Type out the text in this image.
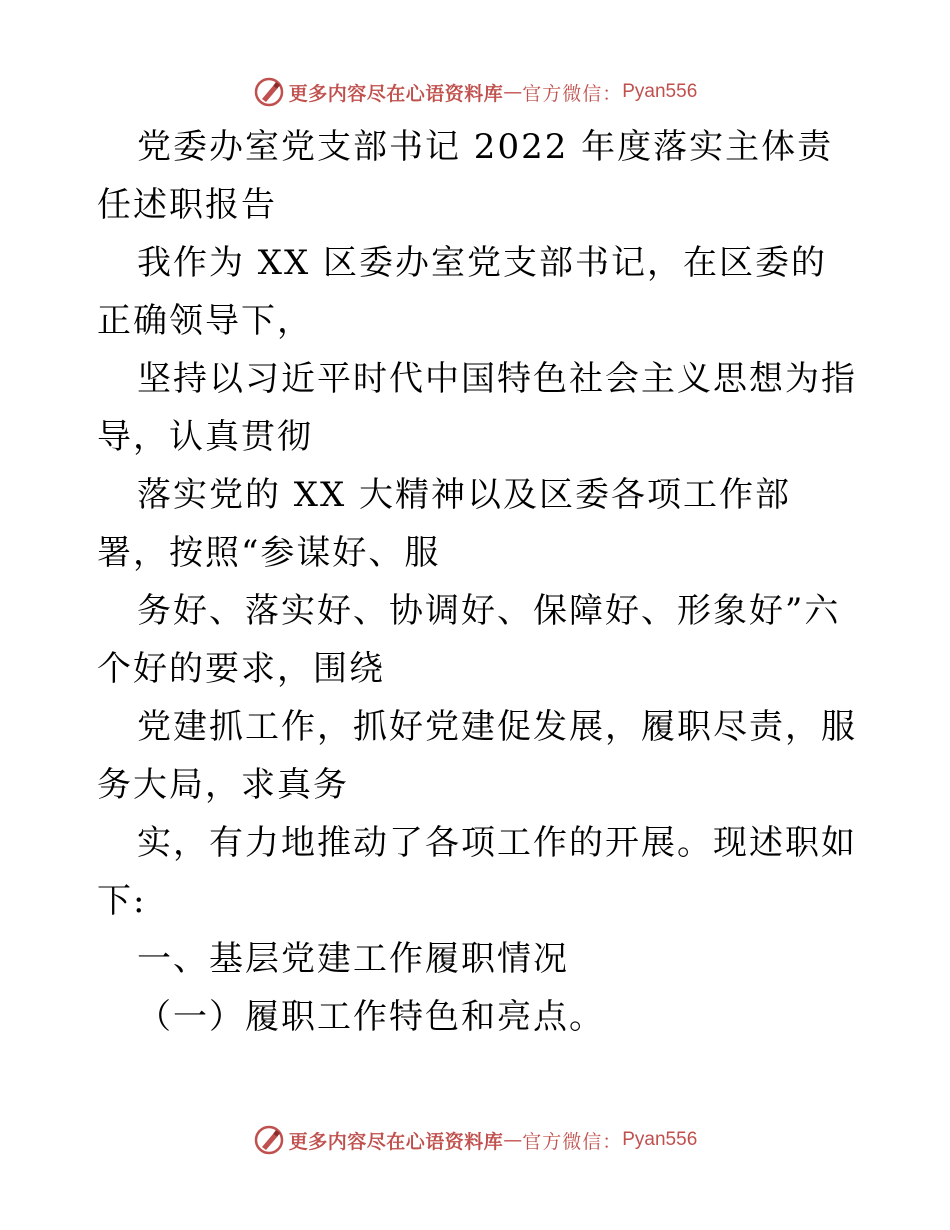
更多内容尽在心语资料库 — 官方微信： Pyan556

党委办室党支部书记 2022 年度落实主体责任述职报告

我作为 XX 区委办室党支部书记，在区委的正确领导下，

坚持以习近平时代中国特色社会主义思想为指导，认真贯彻

落实党的 XX 大精神以及区委各项工作部署，按照“参谋好、服

务好、落实好、协调好、保障好、形象好”六个好的要求，围绕

党建抓工作，抓好党建促发展，履职尽责，服务大局，求真务

实，有力地推动了各项工作的开展。现述职如下:

一、基层党建工作履职情况

（一）履职工作特色和亮点。

更多内容尽在心语资料库 — 官方微信： Pyan556
